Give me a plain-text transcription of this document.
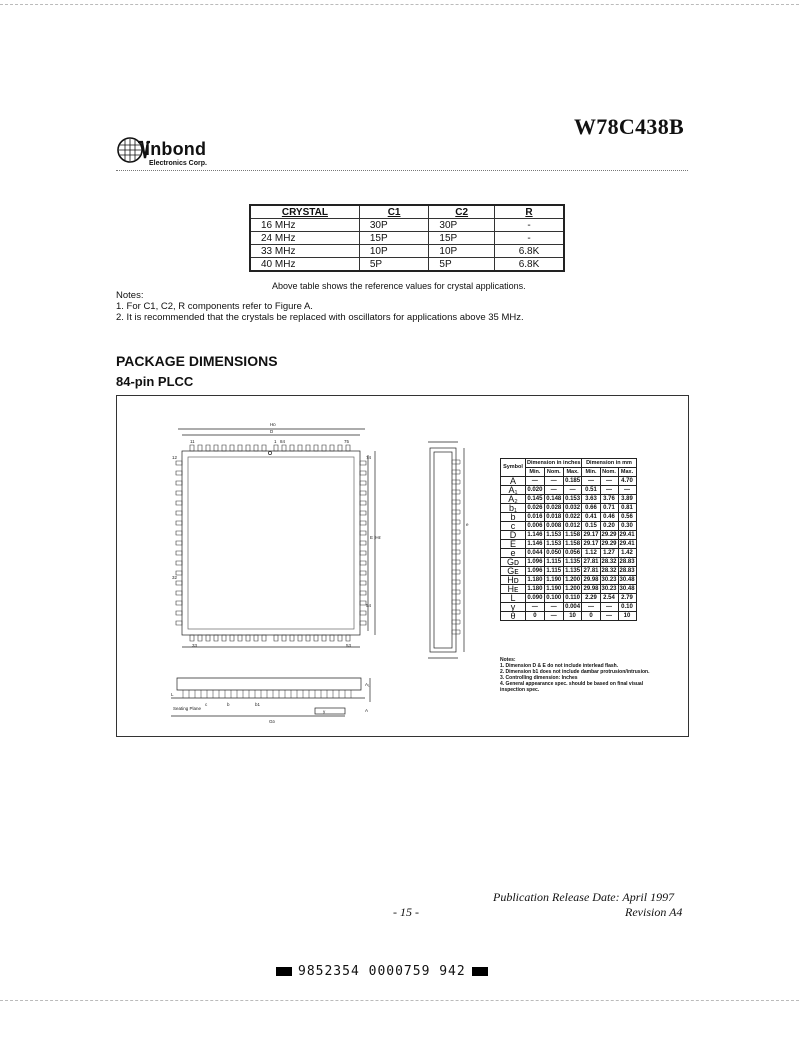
W78C438B
inbond
Electronics Corp.
CRYSTAL	C1	C2	R
16 MHz	30P	30P	-
24 MHz	15P	15P	-
33 MHz	10P	10P	6.8K
40 MHz	5P	5P	6.8K
Above table shows the reference values for crystal applications.
Notes:
1. For C1, C2, R components refer to Figure A.
2. It is recommended that the crystals be replaced with oscillators for applications above 35 MHz.
PACKAGE DIMENSIONS
84-pin PLCC
Hᴅ
D
11	1 84	75
12	74
E |Hᴇ
32
54
33	53
e
Seating Plane
Gᴅ
b	b1
y	A
A₁
L
c
Symbol	Dimension in inches			Dimension in mm		
	Min.	Nom.	Max.	Min.	Nom.	Max.
A	—	—	0.185	—	—	4.70
A₁	0.020	—	—	0.51	—	—
A₂	0.145	0.148	0.153	3.63	3.76	3.89
b₁	0.026	0.028	0.032	0.66	0.71	0.81
b	0.016	0.018	0.022	0.41	0.46	0.56
c	0.006	0.008	0.012	0.15	0.20	0.30
D	1.146	1.153	1.158	29.17	29.29	29.41
E	1.146	1.153	1.158	29.17	29.29	29.41
e	0.044	0.050	0.056	1.12	1.27	1.42
Gᴅ	1.096	1.115	1.135	27.81	28.32	28.83
Gᴇ	1.096	1.115	1.135	27.81	28.32	28.83
Hᴅ	1.180	1.190	1.200	29.98	30.23	30.48
Hᴇ	1.180	1.190	1.200	29.98	30.23	30.48
L	0.090	0.100	0.110	2.29	2.54	2.79
y	—	—	0.004	—	—	0.10
θ	0	—	10	0	—	10
Notes:
1. Dimension D & E do not include interlead flash.
2. Dimension b1 does not include dambar protrusion/intrusion.
3. Controlling dimension: Inches
4. General appearance spec. should be based on final visual inspection spec.
Publication Release Date: April 1997
Revision A4
- 15 -
9852354 0000759 942
